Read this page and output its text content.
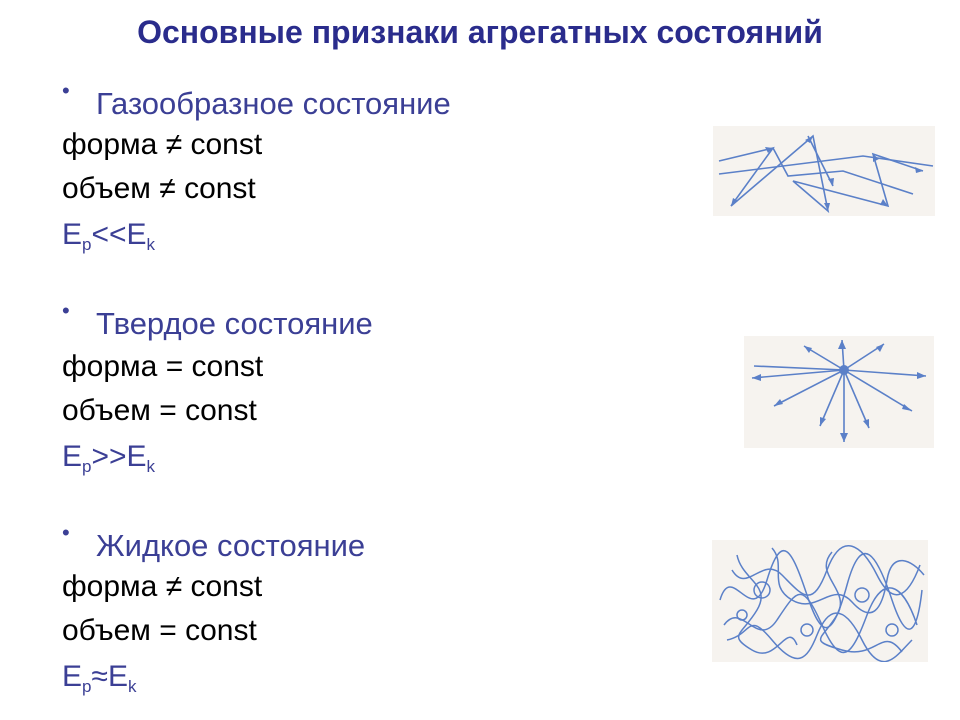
Основные признаки агрегатных состояний
• Газообразное состояние
форма ≠ const
объем ≠ const
$E_p<<E_k$
• Твердое состояние
форма = const
объем = const
$E_p>>E_k$
• Жидкое состояние
форма ≠ const
объем = const
$E_p\approx E_k$
